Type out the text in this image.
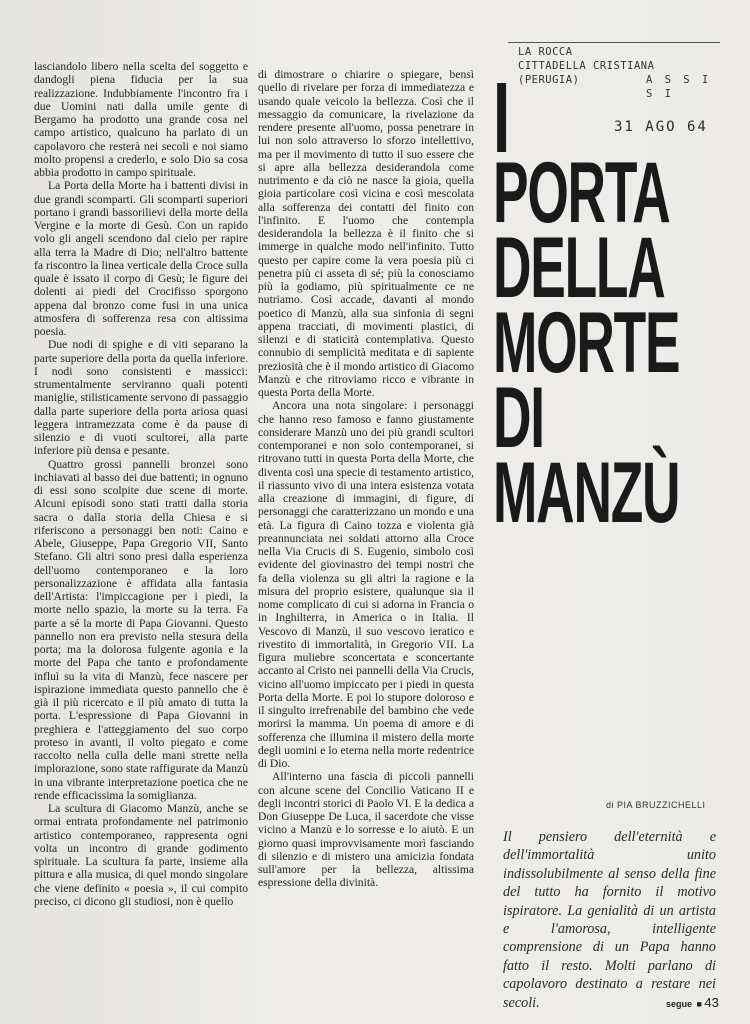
lasciandolo libero nella scelta del soggetto e dandogli piena fiducia per la sua realizzazione. Indubbiamente l'incontro fra i due Uomini nati dalla umile gente di Bergamo ha prodotto una grande cosa nel campo artistico, qualcuno ha parlato di un capolavoro che resterà nei secoli e noi siamo molto propensi a crederlo, e solo Dio sa cosa abbia prodotto in campo spirituale.

La Porta della Morte ha i battenti divisi in due grandi scomparti. Gli scomparti superiori portano i grandi bassorilievi della morte della Vergine e la morte di Gesù. Con un rapido volo gli angeli scendono dal cielo per rapire alla terra la Madre di Dio; nell'altro battente fa riscontro la linea verticale della Croce sulla quale è issato il corpo di Gesù; le figure dei dolenti ai piedi del Crocifisso sporgono appena dal bronzo come fusi in una unica atmosfera di sofferenza resa con altissima poesia.

Due nodi di spighe e di viti separano la parte superiore della porta da quella inferiore. I nodi sono consistenti e massicci: strumentalmente serviranno quali potenti maniglie, stilisticamente servono di passaggio dalla parte superiore della porta ariosa quasi leggera intramezzata come è da pause di silenzio e di vuoti scultorei, alla parte inferiore più densa e pesante.

Quattro grossi pannelli bronzei sono inchiavati al basso dei due battenti; in ognuno di essi sono scolpite due scene di morte. Alcuni episodi sono stati tratti dalla storia sacra o dalla storia della Chiesa e si riferiscono a personaggi ben noti: Caino e Abele, Giuseppe, Papa Gregorio VII, Santo Stefano. Gli altri sono presi dalla esperienza dell'uomo contemporaneo e la loro personalizzazione è affidata alla fantasia dell'Artista: l'impiccagione per i piedi, la morte nello spazio, la morte su la terra. Fa parte a sé la morte di Papa Giovanni. Questo pannello non era previsto nella stesura della porta; ma la dolorosa fulgente agonia e la morte del Papa che tanto e profondamente influì su la vita di Manzù, fece nascere per ispirazione immediata questo pannello che è già il più ricercato e il più amato di tutta la porta. L'espressione di Papa Giovanni in preghiera e l'atteggiamento del suo corpo proteso in avanti, il volto piegato e come raccolto nella culla delle mani strette nella implorazione, sono state raffigurate da Manzù in una vibrante interpretazione poetica che ne rende efficacissima la somiglianza.

La scultura di Giacomo Manzù, anche se ormai entrata profondamente nel patrimonio artistico contemporaneo, rappresenta ogni volta un incontro di grande godimento spirituale. La scultura fa parte, insieme alla pittura e alla musica, di quel mondo singolare che viene definito « poesia », il cui compito preciso, ci dicono gli studiosi, non è quello

di dimostrare o chiarire o spiegare, bensì quello di rivelare per forza di immediatezza e usando quale veicolo la bellezza. Così che il messaggio da comunicare, la rivelazione da rendere presente all'uomo, possa penetrare in lui non solo attraverso lo sforzo intellettivo, ma per il movimento di tutto il suo essere che si apre alla bellezza desiderandola come nutrimento e da ciò ne nasce la gioia, quella gioia particolare così vicina e così mescolata alla sofferenza dei contatti del finito con l'infinito. E l'uomo che contempla desiderandola la bellezza è il finito che si immerge in qualche modo nell'infinito. Tutto questo per capire come la vera poesia più ci penetra più ci asseta di sé; più la conosciamo più la godiamo, più spiritualmente ce ne nutriamo. Così accade, davanti al mondo poetico di Manzù, alla sua sinfonia di segni appena tracciati, di movimenti plastici, di silenzi e di staticità contemplativa. Questo connubio di semplicità meditata e di sapiente preziosità che è il mondo artistico di Giacomo Manzù e che ritroviamo ricco e vibrante in questa Porta della Morte.

Ancora una nota singolare: i personaggi che hanno reso famoso e fanno giustamente considerare Manzù uno dei più grandi scultori contemporanei e non solo contemporanei, si ritrovano tutti in questa Porta della Morte, che diventa così una specie di testamento artistico, il riassunto vivo di una intera esistenza votata alla creazione di immagini, di figure, di personaggi che caratterizzano un mondo e una età. La figura di Caino tozza e violenta già preannunciata nei soldati attorno alla Croce nella Via Crucis di S. Eugenio, simbolo così evidente del giovinastro dei tempi nostri che fa della violenza su gli altri la ragione e la misura del proprio esistere, qualunque sia il nome complicato di cui si adorna in Francia o in Inghilterra, in America o in Italia. Il Vescovo di Manzù, il suo vescovo ieratico e rivestito di immortalità, in Gregorio VII. La figura muliebre sconcertata e sconcertante accanto al Cristo nei pannelli della Via Crucis, vicino all'uomo impiccato per i piedi in questa Porta della Morte. E poi lo stupore doloroso e il singulto irrefrenabile del bambino che vede morirsi la mamma. Un poema di amore e di sofferenza che illumina il mistero della morte degli uomini e lo eterna nella morte redentrice di Dio.

All'interno una fascia di piccoli pannelli con alcune scene del Concilio Vaticano II e degli incontri storici di Paolo VI. E la dedica a Don Giuseppe De Luca, il sacerdote che visse vicino a Manzù e lo sorresse e lo aiutò. E un giorno quasi improvvisamente morì fasciando di silenzio e di mistero una amicizia fondata sull'amore per la bellezza, altissima espressione della divinità.

LA ROCCA
CITTADELLA CRISTIANA
(PERUGIA)	A S S I S I
31 AGO 64
I
PORTA
DELLA
MORTE
DI
MANZÙ
di PIA BRUZZICHELLI
Il pensiero dell'eternità e dell'immortalità unito indissolubilmente al senso della fine del tutto ha fornito il motivo ispiratore. La genialità di un artista e l'amorosa, intelligente comprensione di un Papa hanno fatto il resto. Molti parlano di capolavoro destinato a restare nei secoli.	segue ■ 43
